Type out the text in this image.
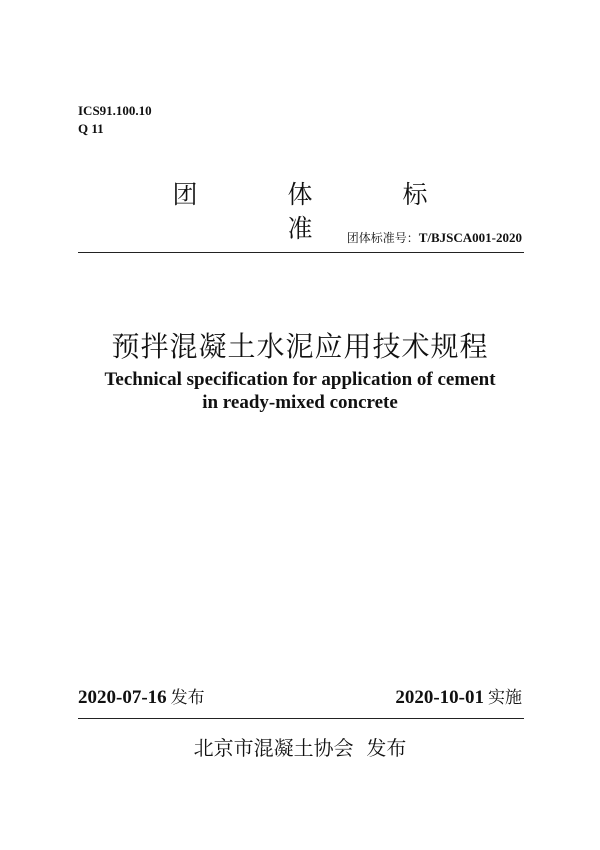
ICS91.100.10
Q 11
团 体 标 准
团体标准号：T/BJSCA001-2020
预拌混凝土水泥应用技术规程
Technical specification for application of cement
in ready-mixed concrete
2020-07-16 发布	2020-10-01 实施
北京市混凝土协会  发布
